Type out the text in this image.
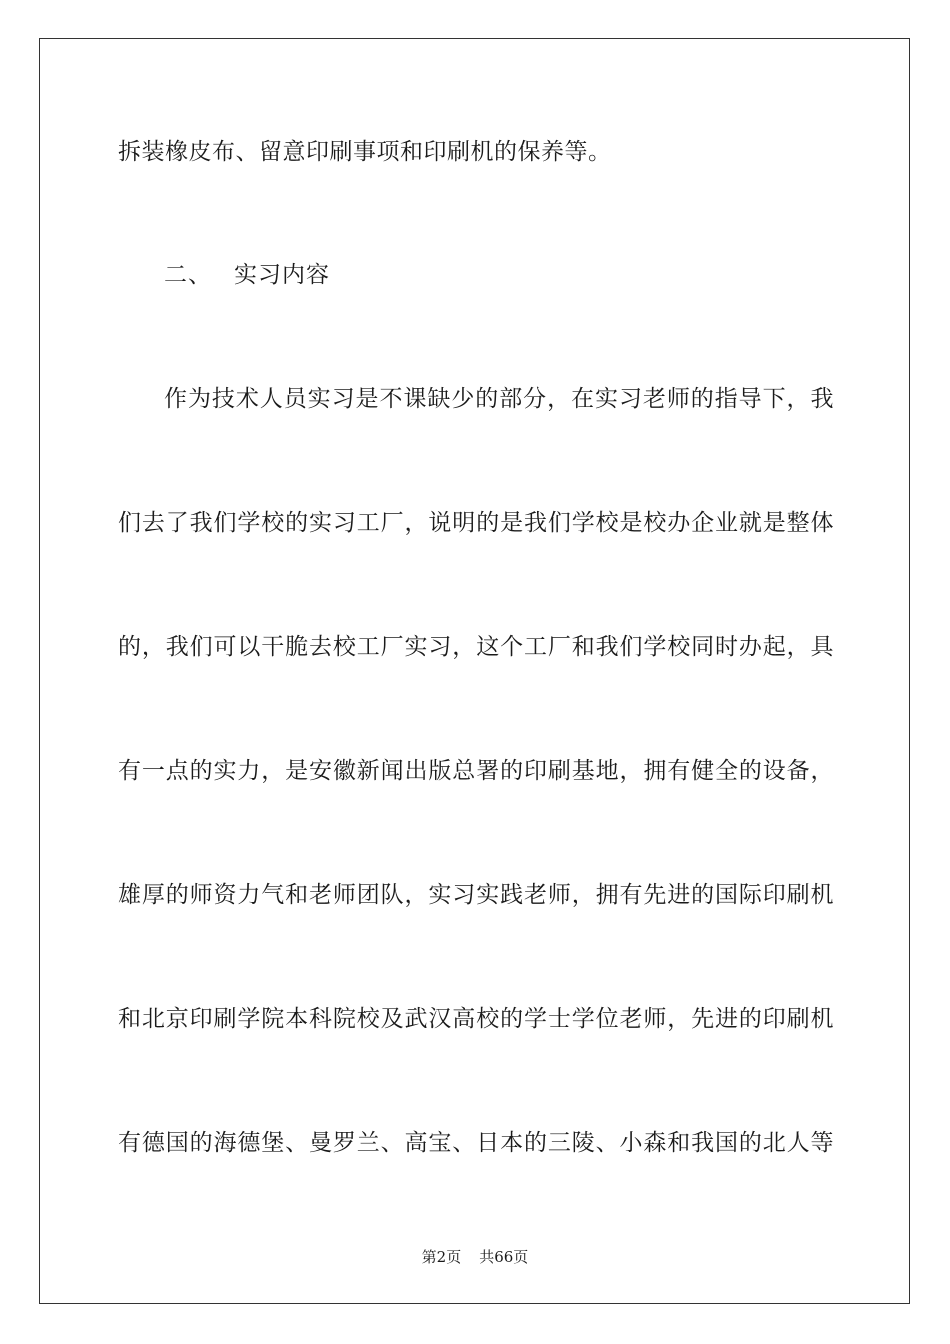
拆装橡皮布、留意印刷事项和印刷机的保养等。
二、 实习内容
作为技术人员实习是不课缺少的部分，在实习老师的指导下，我
们去了我们学校的实习工厂，说明的是我们学校是校办企业就是整体
的，我们可以干脆去校工厂实习，这个工厂和我们学校同时办起，具
有一点的实力，是安徽新闻出版总署的印刷基地，拥有健全的设备，
雄厚的师资力气和老师团队，实习实践老师，拥有先进的国际印刷机
和北京印刷学院本科院校及武汉高校的学士学位老师，先进的印刷机
有德国的海德堡、曼罗兰、高宝、日本的三陵、小森和我国的北人等
第2页 共66页
